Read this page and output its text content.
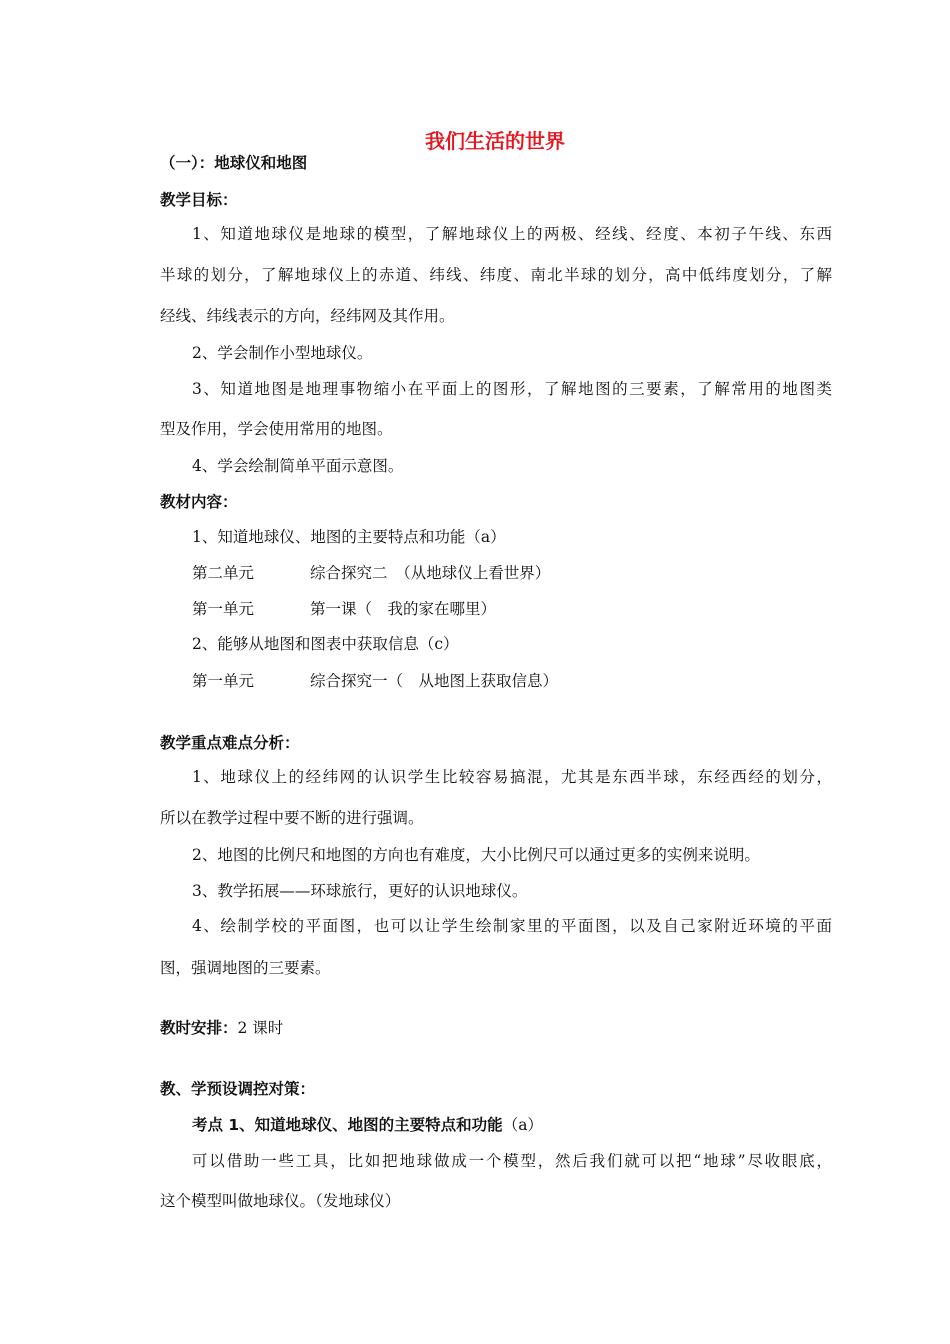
我们生活的世界
（一）：地球仪和地图
教学目标：
1、知道地球仪是地球的模型，了解地球仪上的两极、经线、经度、本初子午线、东西
半球的划分，了解地球仪上的赤道、纬线、纬度、南北半球的划分，高中低纬度划分，了解
经线、纬线表示的方向，经纬网及其作用。
2、学会制作小型地球仪。
3、知道地图是地理事物缩小在平面上的图形，了解地图的三要素，了解常用的地图类
型及作用，学会使用常用的地图。
4、学会绘制简单平面示意图。
教材内容：
1、知道地球仪、地图的主要特点和功能（a）
第二单元	综合探究二　（从地球仪上看世界）
第一单元	第一课（　我的家在哪里）
2、能够从地图和图表中获取信息（c）
第一单元	综合探究一（　从地图上获取信息）
教学重点难点分析：
1、地球仪上的经纬网的认识学生比较容易搞混，尤其是东西半球，东经西经的划分，
所以在教学过程中要不断的进行强调。
2、地图的比例尺和地图的方向也有难度，大小比例尺可以通过更多的实例来说明。
3、教学拓展——环球旅行，更好的认识地球仪。
4、绘制学校的平面图，也可以让学生绘制家里的平面图，以及自己家附近环境的平面
图，强调地图的三要素。
教时安排：2 课时
教、学预设调控对策：
考点 1、知道地球仪、地图的主要特点和功能（a）
可以借助一些工具，比如把地球做成一个模型，然后我们就可以把“地球”尽收眼底，
这个模型叫做地球仪。（发地球仪）
